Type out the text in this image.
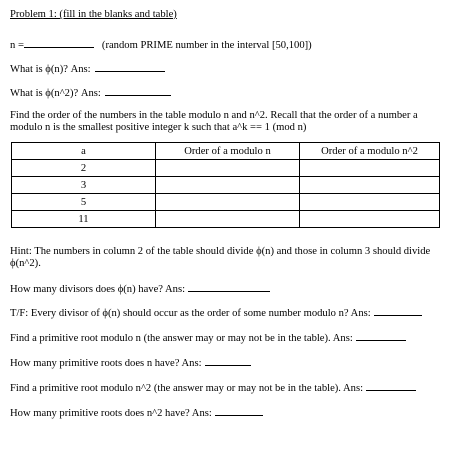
Problem 1: (fill in the blanks and table)
n =	(random PRIME number in the interval [50,100])
What is ϕ(n)? Ans:
What is ϕ(n^2)? Ans:
Find the order of the numbers in the table modulo n and n^2. Recall that the order of a number a
modulo n is the smallest positive integer k such that a^k == 1 (mod n)
a	Order of a modulo n	Order of a modulo n^2
2		
3		
5		
11		
Hint: The numbers in column 2 of the table should divide ϕ(n) and those in column 3 should divide
ϕ(n^2).
How many divisors does ϕ(n) have? Ans:
T/F: Every divisor of ϕ(n) should occur as the order of some number modulo n? Ans:
Find a primitive root modulo n (the answer may or may not be in the table). Ans:
How many primitive roots does n have? Ans:
Find a primitive root modulo n^2 (the answer may or may not be in the table). Ans:
How many primitive roots does n^2 have? Ans:
